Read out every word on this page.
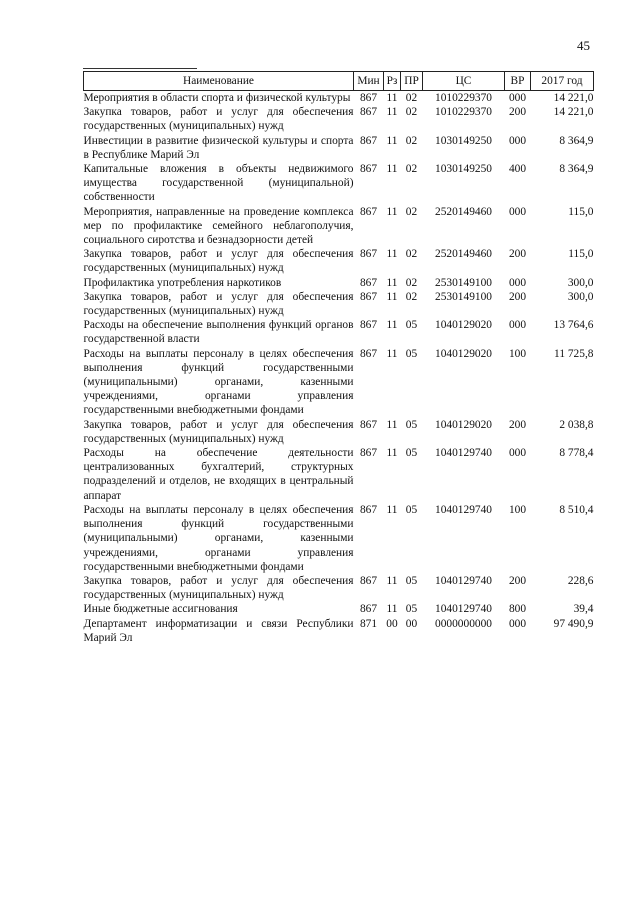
45
Наименование	Мин	Рз	ПР	ЦС	ВР	2017 год
Мероприятия в области спорта и физической культуры	867	11	02	1010229370	000	14 221,0
Закупка товаров, работ и услуг для обеспечения государственных (муниципальных) нужд	867	11	02	1010229370	200	14 221,0
Инвестиции в развитие физической культуры и спорта в Республике Марий Эл	867	11	02	1030149250	000	8 364,9
Капитальные вложения в объекты недвижимого имущества государственной (муниципальной) собственности	867	11	02	1030149250	400	8 364,9
Мероприятия, направленные на проведение комплекса мер по профилактике семейного неблагополучия, социального сиротства и безнадзорности детей	867	11	02	2520149460	000	115,0
Закупка товаров, работ и услуг для обеспечения государственных (муниципальных) нужд	867	11	02	2520149460	200	115,0
Профилактика употребления наркотиков	867	11	02	2530149100	000	300,0
Закупка товаров, работ и услуг для обеспечения государственных (муниципальных) нужд	867	11	02	2530149100	200	300,0
Расходы на обеспечение выполнения функций органов государственной власти	867	11	05	1040129020	000	13 764,6
Расходы на выплаты персоналу в целях обеспечения выполнения функций государственными (муниципальными) органами, казенными учреждениями, органами управления государственными внебюджетными фондами	867	11	05	1040129020	100	11 725,8
Закупка товаров, работ и услуг для обеспечения государственных (муниципальных) нужд	867	11	05	1040129020	200	2 038,8
Расходы на обеспечение деятельности централизованных бухгалтерий, структурных подразделений и отделов, не входящих в центральный аппарат	867	11	05	1040129740	000	8 778,4
Расходы на выплаты персоналу в целях обеспечения выполнения функций государственными (муниципальными) органами, казенными учреждениями, органами управления государственными внебюджетными фондами	867	11	05	1040129740	100	8 510,4
Закупка товаров, работ и услуг для обеспечения государственных (муниципальных) нужд	867	11	05	1040129740	200	228,6
Иные бюджетные ассигнования	867	11	05	1040129740	800	39,4
Департамент информатизации и связи Республики Марий Эл	871	00	00	0000000000	000	97 490,9
